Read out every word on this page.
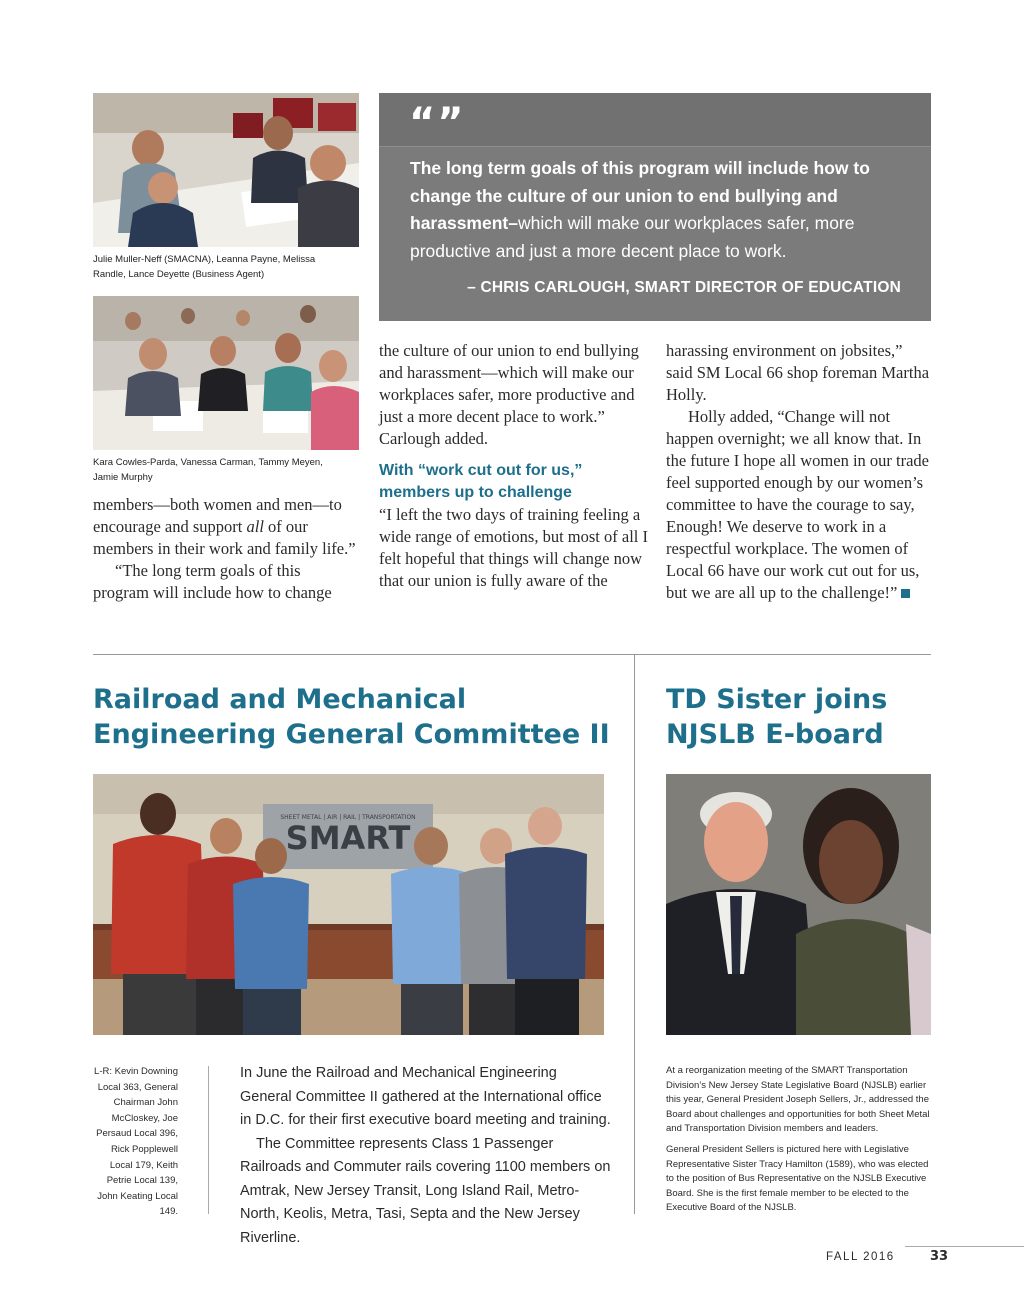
Julie Muller-Neff (SMACNA), Leanna Payne, Melissa Randle, Lance Deyette (Business Agent)
Kara Cowles-Parda, Vanessa Carman, Tammy Meyen, Jamie Murphy
“”
The long term goals of this program will include how to change the culture of our union to end bullying and harassment–which will make our workplaces safer, more productive and just a more decent place to work.
– CHRIS CARLOUGH, SMART DIRECTOR OF EDUCATION

members—both women and men—to encourage and support all of our members in their work and family life.”

“The long term goals of this program will include how to change

the culture of our union to end bullying and harassment—which will make our workplaces safer, more productive and just a more decent place to work.” Carlough added.

With “work cut out for us,” members up to challenge

“I left the two days of training feeling a wide range of emotions, but most of all I felt hopeful that things will change now that our union is fully aware of the

harassing environment on jobsites,” said SM Local 66 shop foreman Martha Holly.

Holly added, “Change will not happen overnight; we all know that. In the future I hope all women in our trade feel supported enough by our women’s committee to have the courage to say, Enough! We deserve to work in a respectful workplace. The women of Local 66 have our work cut out for us, but we are all up to the challenge!”

Railroad and Mechanical
Engineering General Committee II
SMART
SHEET METAL | AIR | RAIL | TRANSPORTATION
L-R: Kevin Downing Local 363, General Chairman John McCloskey, Joe Persaud Local 396, Rick Popplewell Local 179, Keith Petrie Local 139, John Keating Local 149.

In June the Railroad and Mechanical Engineering General Committee II gathered at the International office in D.C. for their first executive board meeting and training.

The Committee represents Class 1 Passenger Railroads and Commuter rails covering 1100 members on Amtrak, New Jersey Transit, Long Island Rail, Metro-North, Keolis, Metra, Tasi, Septa and the New Jersey Riverline.

TD Sister joins
NJSLB E-board

At a reorganization meeting of the SMART Transportation Division’s New Jersey State Legislative Board (NJSLB) earlier this year, General President Joseph Sellers, Jr., addressed the Board about challenges and opportunities for both Sheet Metal and Transportation Division members and leaders.

General President Sellers is pictured here with Legislative Representative Sister Tracy Hamilton (1589), who was elected to the position of Bus Representative on the NJSLB Executive Board. She is the first female member to be elected to the Executive Board of the NJSLB.

FALL 2016	33
